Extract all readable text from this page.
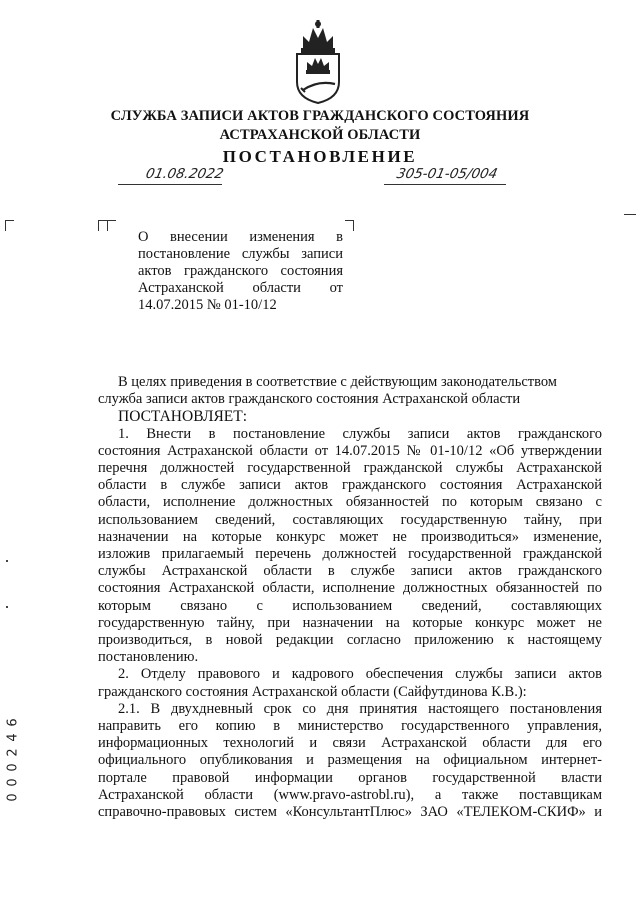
СЛУЖБА ЗАПИСИ АКТОВ ГРАЖДАНСКОГО СОСТОЯНИЯ
АСТРАХАНСКОЙ ОБЛАСТИ
ПОСТАНОВЛЕНИЕ
01.08.2022	305-01-05/004
О внесении изменения в
постановление службы записи
актов гражданского состояния
Астраханской области от
14.07.2015 № 01-10/12
В целях приведения в соответствие с действующим законодательством
служба записи актов гражданского состояния Астраханской области
ПОСТАНОВЛЯЕТ:
1. Внести в постановление службы записи актов гражданского
состояния Астраханской области от 14.07.2015 № 01-10/12 «Об утверждении
перечня должностей государственной гражданской службы Астраханской
области в службе записи актов гражданского состояния Астраханской
области, исполнение должностных обязанностей по которым связано с
использованием сведений, составляющих государственную тайну, при
назначении на которые конкурс может не производиться» изменение,
изложив прилагаемый перечень должностей государственной гражданской
службы Астраханской области в службе записи актов гражданского
состояния Астраханской области, исполнение должностных обязанностей по
которым связано с использованием сведений, составляющих
государственную тайну, при назначении на которые конкурс может не
производиться, в новой редакции согласно приложению к настоящему
постановлению.
2. Отделу правового и кадрового обеспечения службы записи актов
гражданского состояния Астраханской области (Сайфутдинова К.В.):
2.1. В двухдневный срок со дня принятия настоящего постановления
направить его копию в министерство государственного управления,
информационных технологий и связи Астраханской области для его
официального опубликования и размещения на официальном интернет-
портале правовой информации органов государственной власти
Астраханской области (www.pravo-astrobl.ru), а также поставщикам
справочно-правовых систем «КонсультантПлюс» ЗАО «ТЕЛЕКОМ-СКИФ» и
6
4
2
0
0
0
